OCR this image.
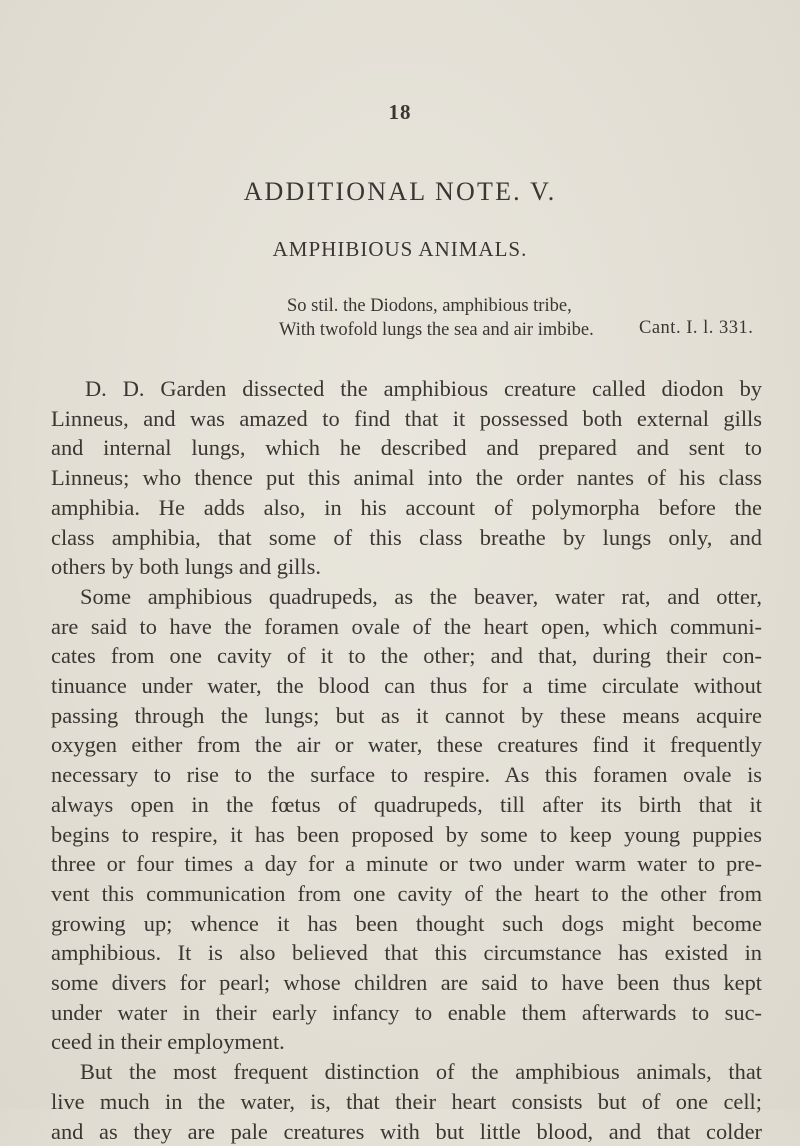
18
ADDITIONAL NOTE. V.
AMPHIBIOUS ANIMALS.
So stil. the Diodons, amphibious tribe,
With twofold lungs the sea and air imbibe. Cant. I. l. 331.
D. D. Garden dissected the amphibious creature called diodon by
Linneus, and was amazed to find that it possessed both external gills
and internal lungs, which he described and prepared and sent to
Linneus; who thence put this animal into the order nantes of his class
amphibia. He adds also, in his account of polymorpha before the
class amphibia, that some of this class breathe by lungs only, and
others by both lungs and gills.
Some amphibious quadrupeds, as the beaver, water rat, and otter,
are said to have the foramen ovale of the heart open, which communi-
cates from one cavity of it to the other; and that, during their con-
tinuance under water, the blood can thus for a time circulate without
passing through the lungs; but as it cannot by these means acquire
oxygen either from the air or water, these creatures find it frequently
necessary to rise to the surface to respire. As this foramen ovale is
always open in the fœtus of quadrupeds, till after its birth that it
begins to respire, it has been proposed by some to keep young puppies
three or four times a day for a minute or two under warm water to pre-
vent this communication from one cavity of the heart to the other from
growing up; whence it has been thought such dogs might become
amphibious. It is also believed that this circumstance has existed in
some divers for pearl; whose children are said to have been thus kept
under water in their early infancy to enable them afterwards to suc-
ceed in their employment.
But the most frequent distinction of the amphibious animals, that
live much in the water, is, that their heart consists but of one cell;
and as they are pale creatures with but little blood, and that colder
